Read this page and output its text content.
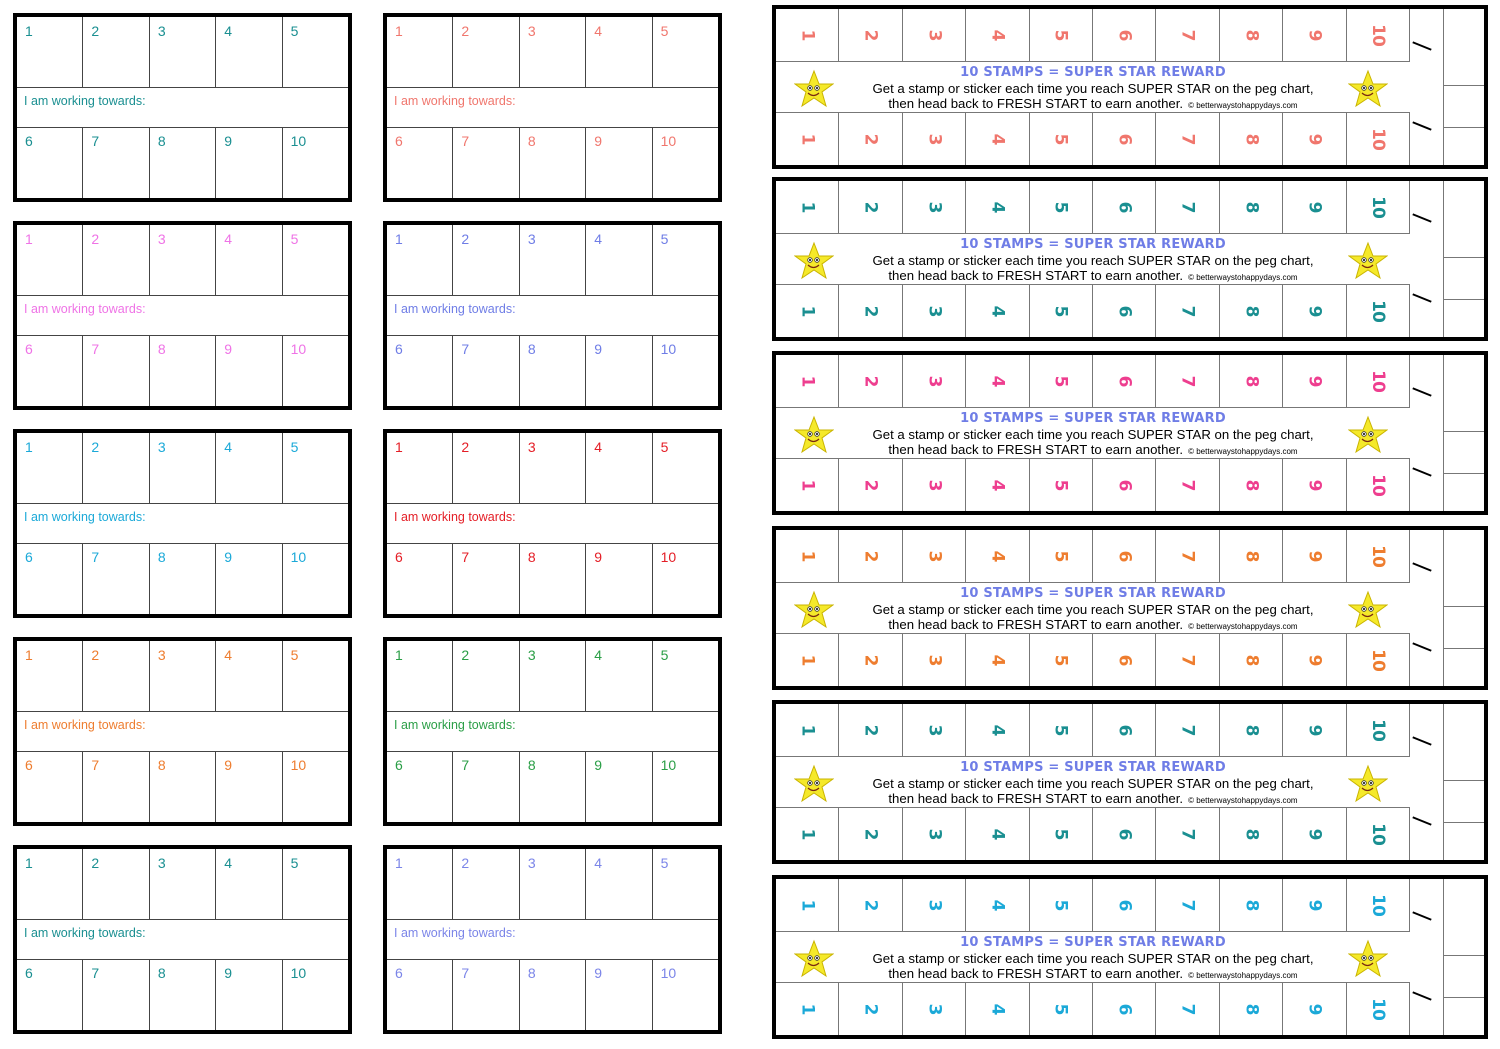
1	2	3	4	5
I am working towards:
6	7	8	9	10
1	2	3	4	5
I am working towards:
6	7	8	9	10
1	2	3	4	5
I am working towards:
6	7	8	9	10
1	2	3	4	5
I am working towards:
6	7	8	9	10
1	2	3	4	5
I am working towards:
6	7	8	9	10
1	2	3	4	5
I am working towards:
6	7	8	9	10
1	2	3	4	5
I am working towards:
6	7	8	9	10
1	2	3	4	5
I am working towards:
6	7	8	9	10
1	2	3	4	5
I am working towards:
6	7	8	9	10
1	2	3	4	5
I am working towards:
6	7	8	9	10
1	2	3	4	5	6	7	8	9	10
1	2	3	4	5	6	7	8	9	10
10 STAMPS = SUPER STAR REWARD
Get a stamp or sticker each time you reach SUPER STAR on the peg chart,
then head back to FRESH START to earn another. © betterwaystohappydays.com
1	2	3	4	5	6	7	8	9	10
1	2	3	4	5	6	7	8	9	10
10 STAMPS = SUPER STAR REWARD
Get a stamp or sticker each time you reach SUPER STAR on the peg chart,
then head back to FRESH START to earn another. © betterwaystohappydays.com
1	2	3	4	5	6	7	8	9	10
1	2	3	4	5	6	7	8	9	10
10 STAMPS = SUPER STAR REWARD
Get a stamp or sticker each time you reach SUPER STAR on the peg chart,
then head back to FRESH START to earn another. © betterwaystohappydays.com
1	2	3	4	5	6	7	8	9	10
1	2	3	4	5	6	7	8	9	10
10 STAMPS = SUPER STAR REWARD
Get a stamp or sticker each time you reach SUPER STAR on the peg chart,
then head back to FRESH START to earn another. © betterwaystohappydays.com
1	2	3	4	5	6	7	8	9	10
1	2	3	4	5	6	7	8	9	10
10 STAMPS = SUPER STAR REWARD
Get a stamp or sticker each time you reach SUPER STAR on the peg chart,
then head back to FRESH START to earn another. © betterwaystohappydays.com
1	2	3	4	5	6	7	8	9	10
1	2	3	4	5	6	7	8	9	10
10 STAMPS = SUPER STAR REWARD
Get a stamp or sticker each time you reach SUPER STAR on the peg chart,
then head back to FRESH START to earn another. © betterwaystohappydays.com
